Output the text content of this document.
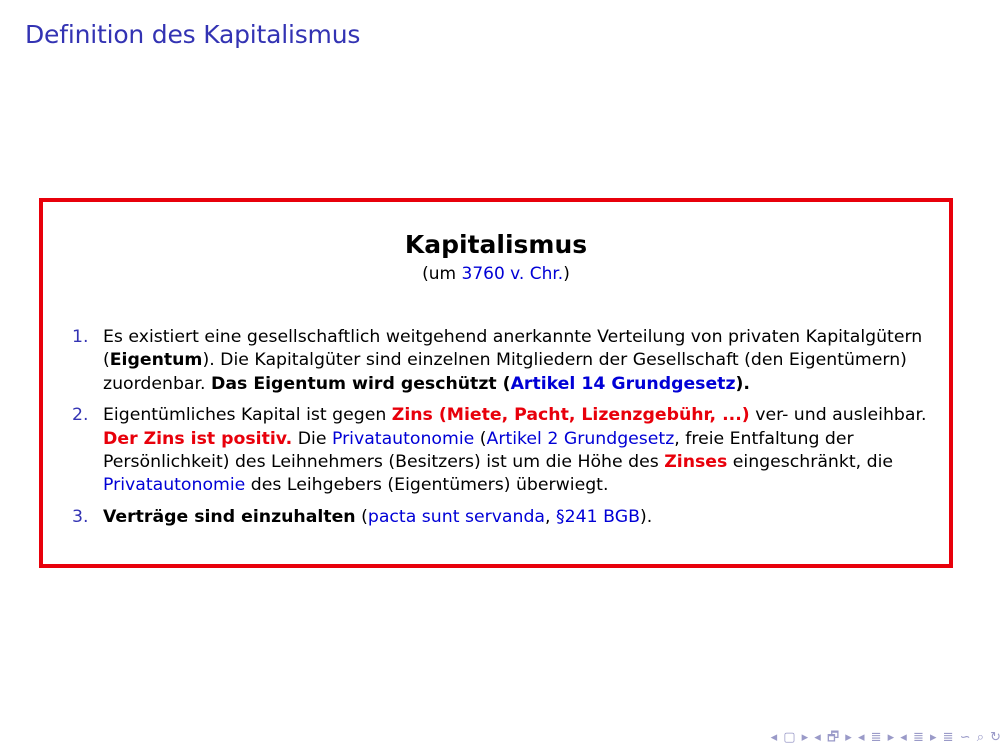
Definition des Kapitalismus
Kapitalismus
(um 3760 v. Chr.)
1. Es existiert eine gesellschaftlich weitgehend anerkannte Verteilung von privaten Kapitalgütern (Eigentum). Die Kapitalgüter sind einzelnen Mitgliedern der Gesellschaft (den Eigentümern) zuordenbar. Das Eigentum wird geschützt (Artikel 14 Grundgesetz).
2. Eigentümliches Kapital ist gegen Zins (Miete, Pacht, Lizenzgebühr, ...) ver- und ausleihbar. Der Zins ist positiv. Die Privatautonomie (Artikel 2 Grundgesetz, freie Entfaltung der Persönlichkeit) des Leihnehmers (Besitzers) ist um die Höhe des Zinses eingeschränkt, die Privatautonomie des Leihgebers (Eigentümers) überwiegt.
3. Verträge sind einzuhalten (pacta sunt servanda, §241 BGB).
◂ ▢ ▸ ◂ 🗗 ▸ ◂ ≣ ▸ ◂ ≣ ▸ ≣ ∽ ⌕ ↻
